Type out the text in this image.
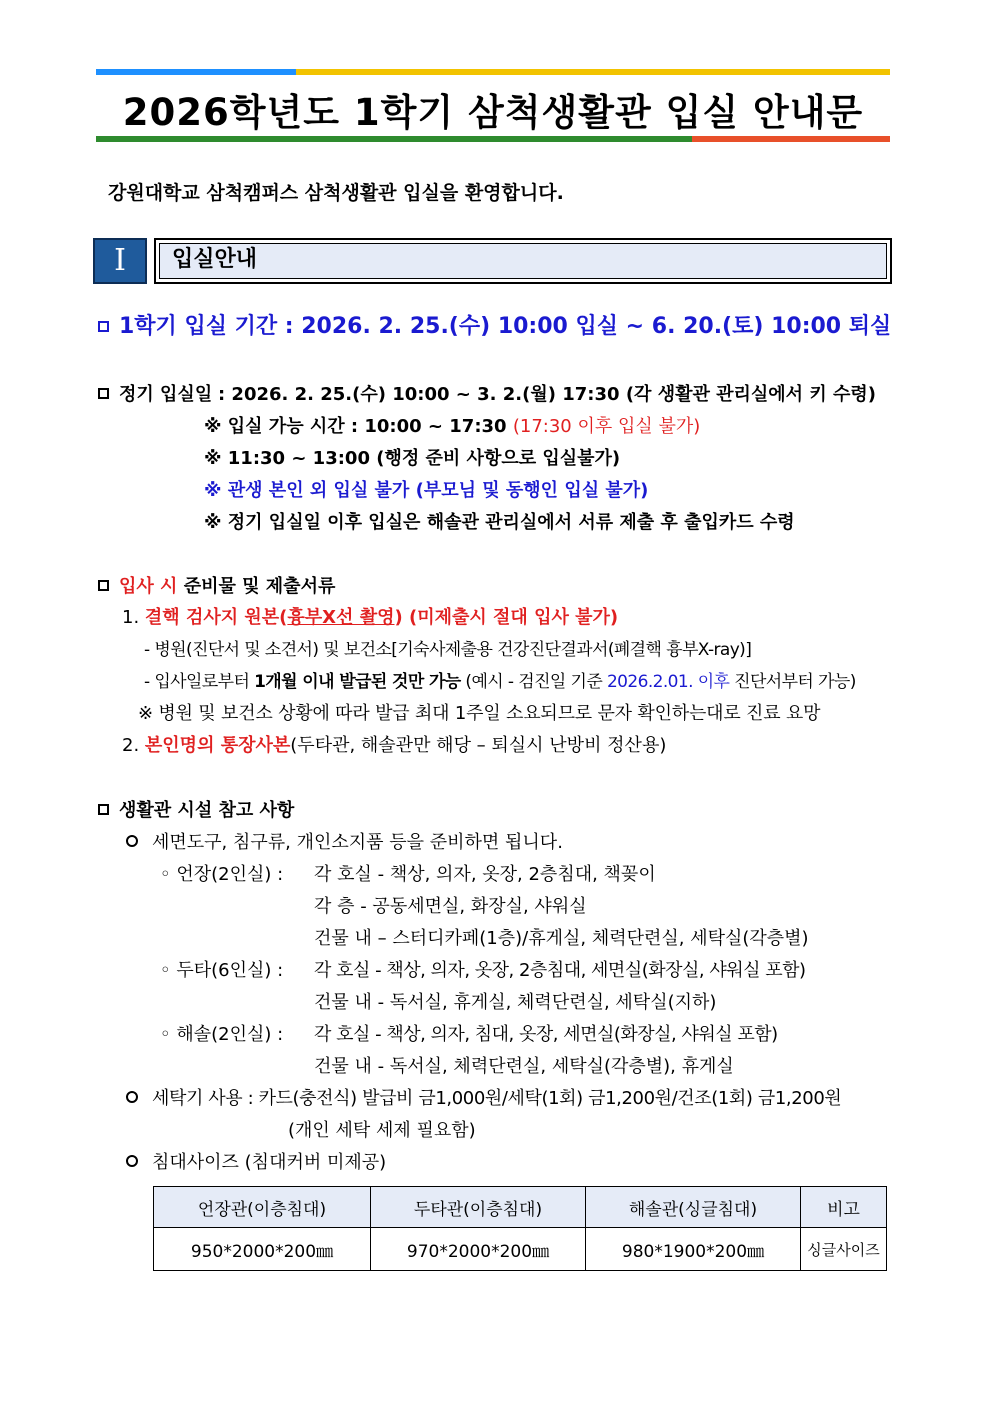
2026학년도 1학기 삼척생활관 입실 안내문
강원대학교 삼척캠퍼스 삼척생활관 입실을 환영합니다.
I	입실안내
1학기 입실 기간 : 2026. 2. 25.(수) 10:00 입실 ~ 6. 20.(토) 10:00 퇴실
정기 입실일 : 2026. 2. 25.(수) 10:00 ~ 3. 2.(월) 17:30 (각 생활관 관리실에서 키 수령)
※ 입실 가능 시간 : 10:00 ~ 17:30 (17:30 이후 입실 불가)
※ 11:30 ~ 13:00 (행정 준비 사항으로 입실불가)
※ 관생 본인 외 입실 불가 (부모님 및 동행인 입실 불가)
※ 정기 입실일 이후 입실은 해솔관 관리실에서 서류 제출 후 출입카드 수령
입사 시 준비물 및 제출서류
1. 결핵 검사지 원본(흉부X선 촬영) (미제출시 절대 입사 불가)
- 병원(진단서 및 소견서) 및 보건소[기숙사제출용 건강진단결과서(폐결핵 흉부X-ray)]
- 입사일로부터 1개월 이내 발급된 것만 가능 (예시 - 검진일 기준 2026.2.01. 이후 진단서부터 가능)
※ 병원 및 보건소 상황에 따라 발급 최대 1주일 소요되므로 문자 확인하는대로 진료 요망
2. 본인명의 통장사본(두타관, 해솔관만 해당 – 퇴실시 난방비 정산용)
생활관 시설 참고 사항
세면도구, 침구류, 개인소지품 등을 준비하면 됩니다.
◦ 언장(2인실) : 각 호실 - 책상, 의자, 옷장, 2층침대, 책꽂이
각 층 - 공동세면실, 화장실, 샤워실
건물 내 – 스터디카페(1층)/휴게실, 체력단련실, 세탁실(각층별)
◦ 두타(6인실) : 각 호실 - 책상, 의자, 옷장, 2층침대, 세면실(화장실, 샤워실 포함)
건물 내 - 독서실, 휴게실, 체력단련실, 세탁실(지하)
◦ 해솔(2인실) : 각 호실 - 책상, 의자, 침대, 옷장, 세면실(화장실, 샤워실 포함)
건물 내 - 독서실, 체력단련실, 세탁실(각층별), 휴게실
세탁기 사용 : 카드(충전식) 발급비 금1,000원/세탁(1회) 금1,200원/건조(1회) 금1,200원
(개인 세탁 세제 필요함)
침대사이즈 (침대커버 미제공)
언장관(이층침대)	두타관(이층침대)	해솔관(싱글침대)	비고
950*2000*200㎜	970*2000*200㎜	980*1900*200㎜	싱글사이즈
